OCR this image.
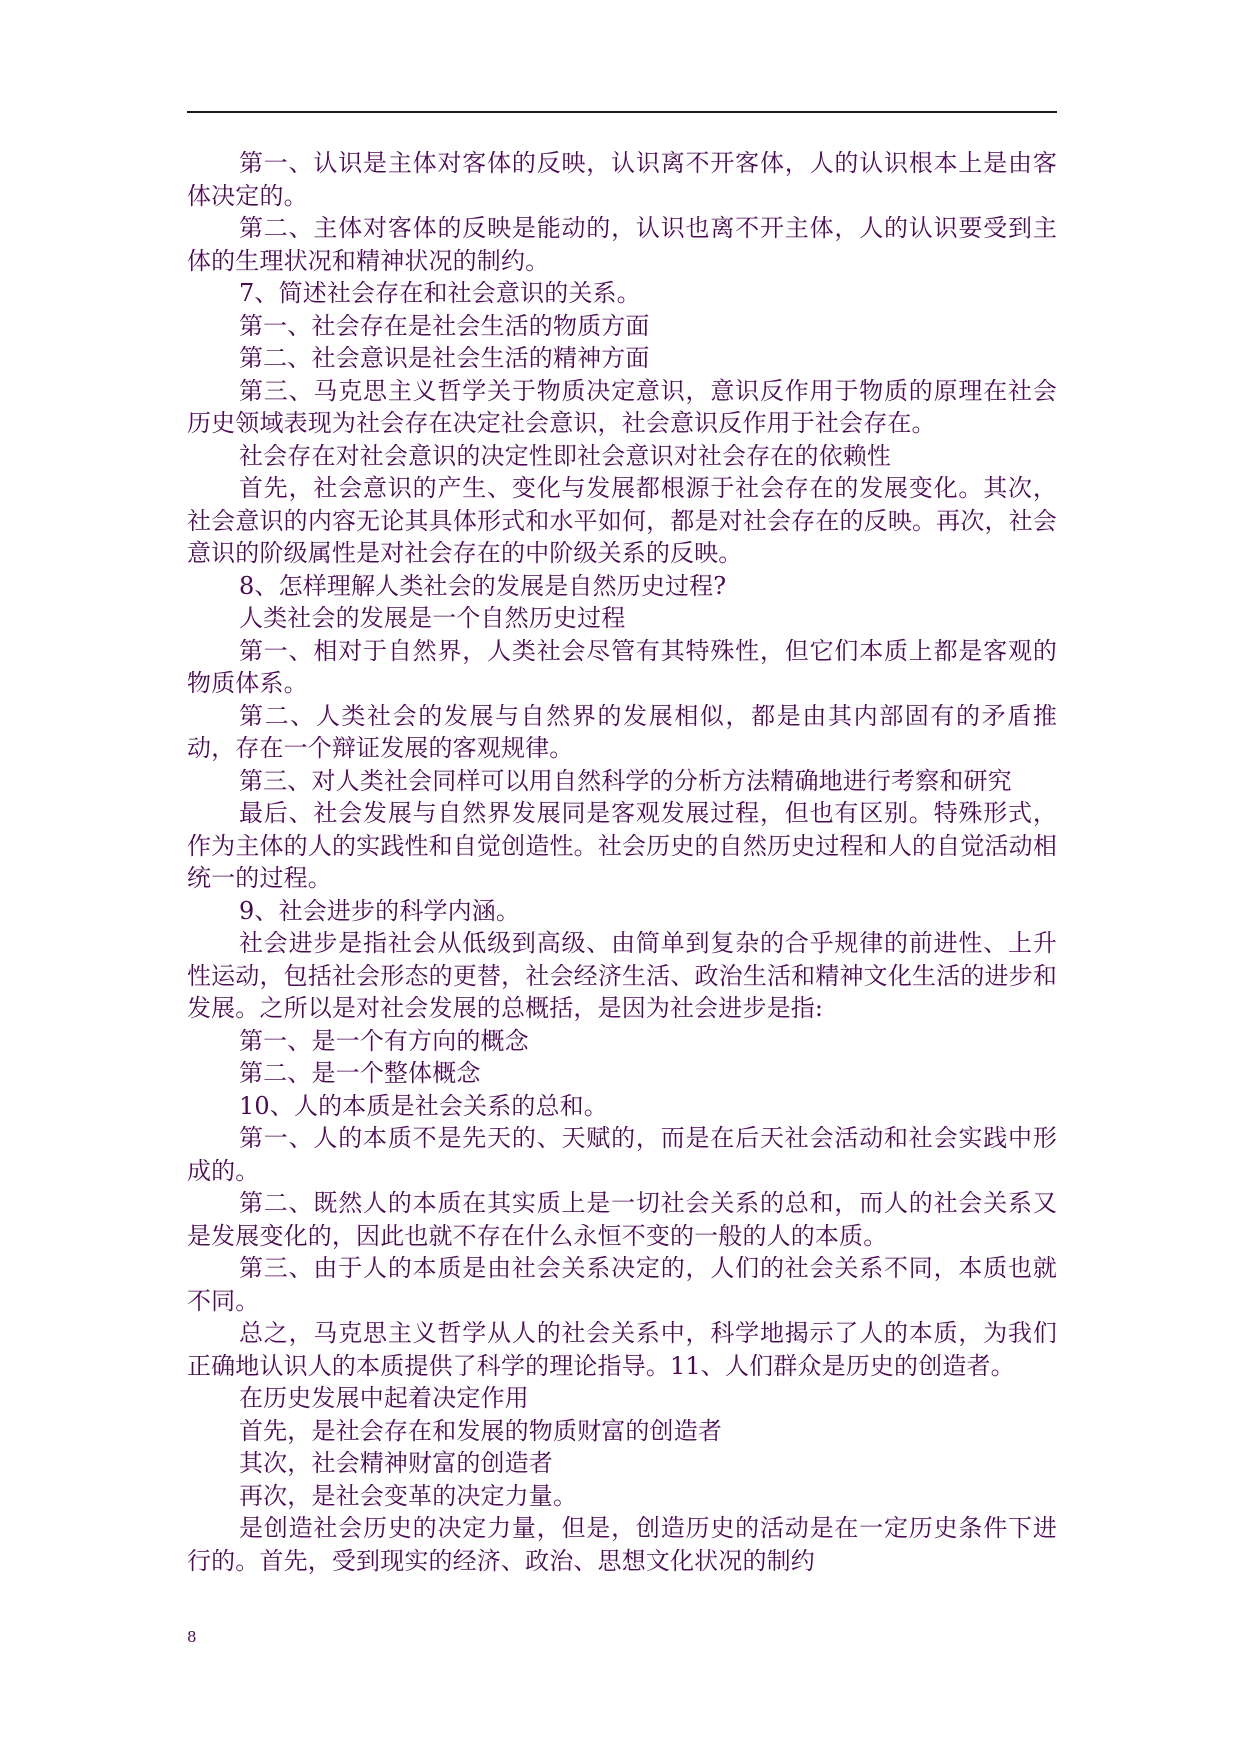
第一、认识是主体对客体的反映，认识离不开客体，人的认识根本上是由客体决定的。

第二、主体对客体的反映是能动的，认识也离不开主体，人的认识要受到主体的生理状况和精神状况的制约。

7、简述社会存在和社会意识的关系。

第一、社会存在是社会生活的物质方面

第二、社会意识是社会生活的精神方面

第三、马克思主义哲学关于物质决定意识，意识反作用于物质的原理在社会历史领域表现为社会存在决定社会意识，社会意识反作用于社会存在。

社会存在对社会意识的决定性即社会意识对社会存在的依赖性

首先，社会意识的产生、变化与发展都根源于社会存在的发展变化。其次，社会意识的内容无论其具体形式和水平如何，都是对社会存在的反映。再次，社会意识的阶级属性是对社会存在的中阶级关系的反映。

8、怎样理解人类社会的发展是自然历史过程?

人类社会的发展是一个自然历史过程

第一、相对于自然界，人类社会尽管有其特殊性，但它们本质上都是客观的物质体系。

第二、人类社会的发展与自然界的发展相似，都是由其内部固有的矛盾推动，存在一个辩证发展的客观规律。

第三、对人类社会同样可以用自然科学的分析方法精确地进行考察和研究

最后、社会发展与自然界发展同是客观发展过程，但也有区别。特殊形式，作为主体的人的实践性和自觉创造性。社会历史的自然历史过程和人的自觉活动相统一的过程。

9、社会进步的科学内涵。

社会进步是指社会从低级到高级、由简单到复杂的合乎规律的前进性、上升性运动，包括社会形态的更替，社会经济生活、政治生活和精神文化生活的进步和发展。之所以是对社会发展的总概括，是因为社会进步是指:

第一、是一个有方向的概念

第二、是一个整体概念

10、人的本质是社会关系的总和。

第一、人的本质不是先天的、天赋的，而是在后天社会活动和社会实践中形成的。

第二、既然人的本质在其实质上是一切社会关系的总和，而人的社会关系又是发展变化的，因此也就不存在什么永恒不变的一般的人的本质。

第三、由于人的本质是由社会关系决定的，人们的社会关系不同，本质也就不同。

总之，马克思主义哲学从人的社会关系中，科学地揭示了人的本质，为我们正确地认识人的本质提供了科学的理论指导。11、人们群众是历史的创造者。

在历史发展中起着决定作用

首先，是社会存在和发展的物质财富的创造者

其次，社会精神财富的创造者

再次，是社会变革的决定力量。

是创造社会历史的决定力量，但是，创造历史的活动是在一定历史条件下进行的。首先，受到现实的经济、政治、思想文化状况的制约

8
